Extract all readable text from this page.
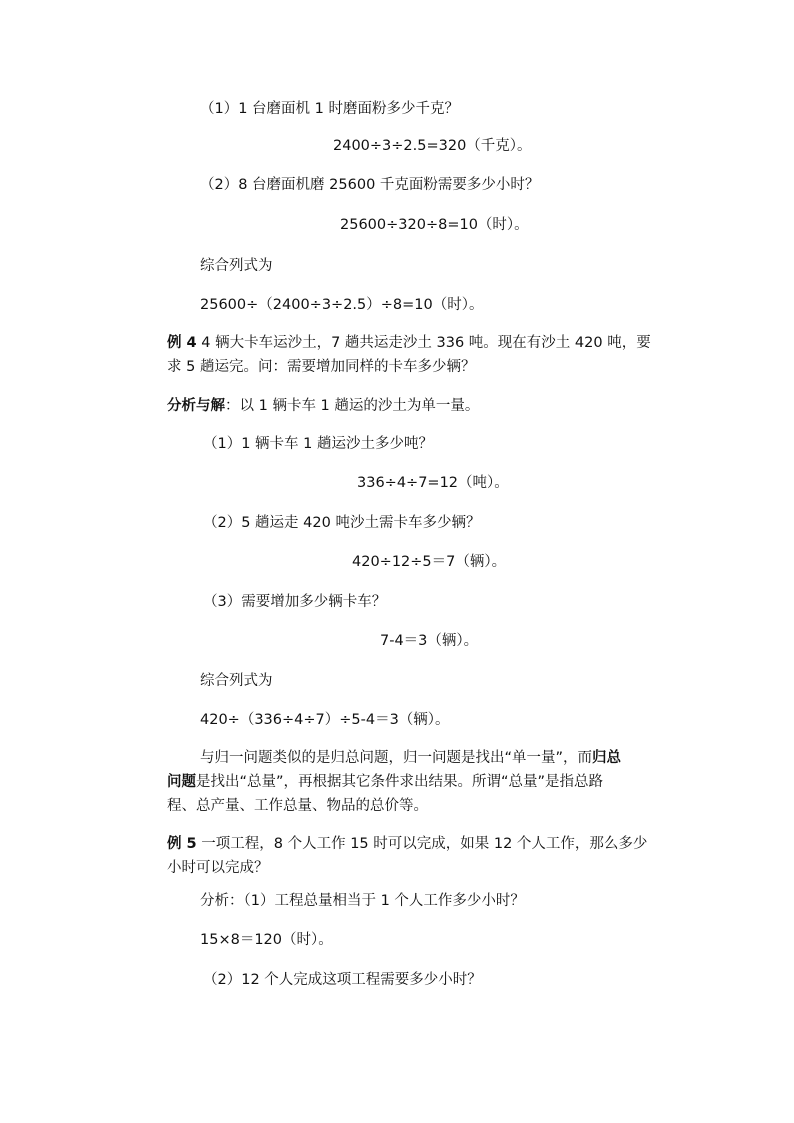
（1）1 台磨面机 1 时磨面粉多少千克？
2400÷3÷2.5=320（千克）。
（2）8 台磨面机磨 25600 千克面粉需要多少小时？
25600÷320÷8=10（时）。
综合列式为
25600÷（2400÷3÷2.5）÷8=10（时）。
例 4 4 辆大卡车运沙土，7 趟共运走沙土 336 吨。现在有沙土 420 吨，要
求 5 趟运完。问：需要增加同样的卡车多少辆？
分析与解：以 1 辆卡车 1 趟运的沙土为单一量。
（1）1 辆卡车 1 趟运沙土多少吨？
336÷4÷7=12（吨）。
（2）5 趟运走 420 吨沙土需卡车多少辆？
420÷12÷5＝7（辆）。
（3）需要增加多少辆卡车？
7-4＝3（辆）。
综合列式为
420÷（336÷4÷7）÷5-4＝3（辆）。
与归一问题类似的是归总问题，归一问题是找出“单一量”，而归总
问题是找出“总量”，再根据其它条件求出结果。所谓“总量”是指总路
程、总产量、工作总量、物品的总价等。
例 5 一项工程，8 个人工作 15 时可以完成，如果 12 个人工作，那么多少
小时可以完成？
分析：（1）工程总量相当于 1 个人工作多少小时？
15×8＝120（时）。
（2）12 个人完成这项工程需要多少小时？
